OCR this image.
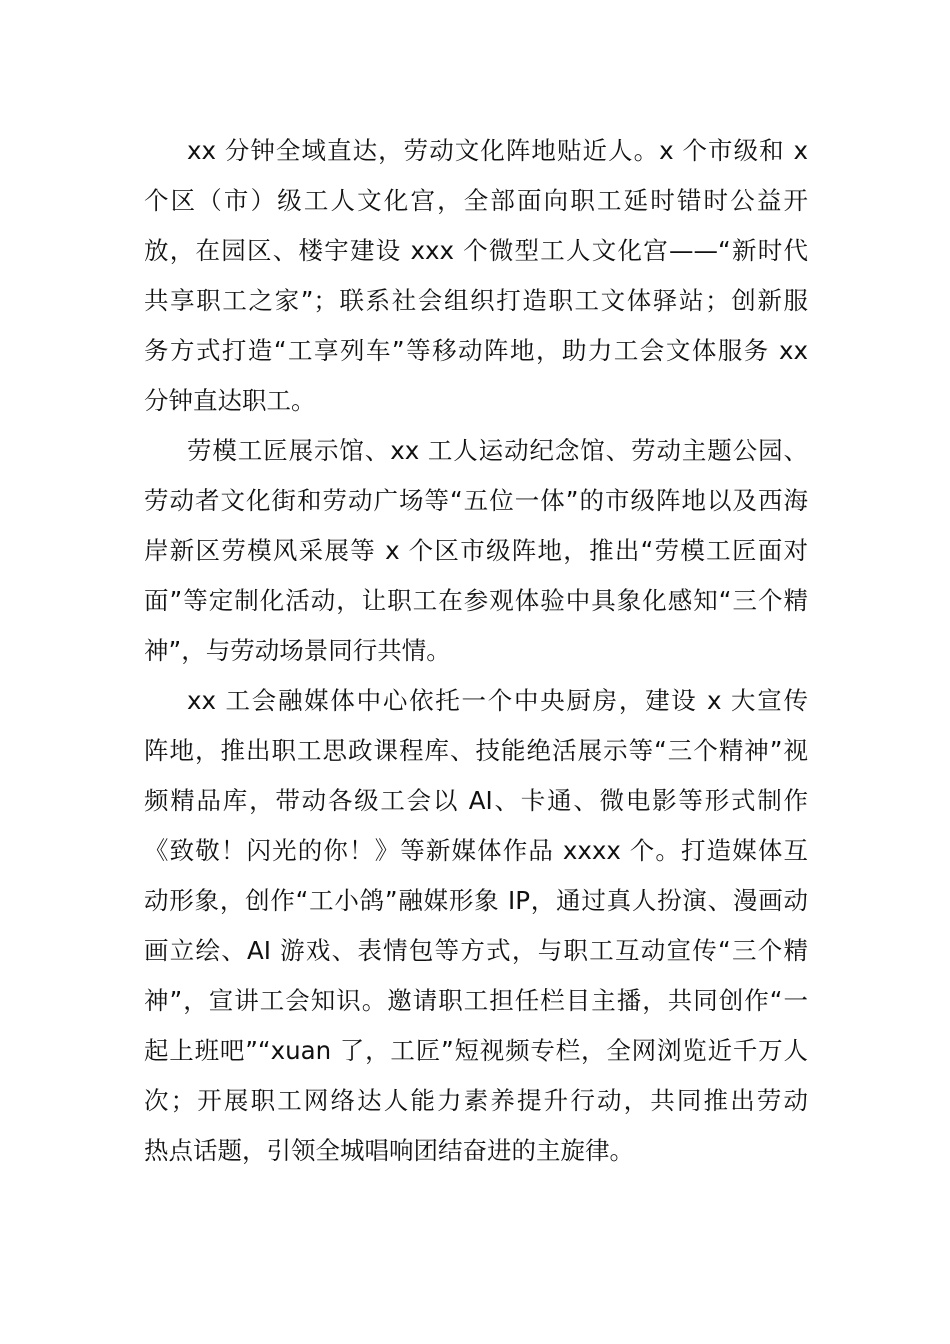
xx 分钟全域直达，劳动文化阵地贴近人。x 个市级和 x
个区（市）级工人文化宫，全部面向职工延时错时公益开
放，在园区、楼宇建设 xxx 个微型工人文化宫——“新时代
共享职工之家”；联系社会组织打造职工文体驿站；创新服
务方式打造“工享列车”等移动阵地，助力工会文体服务 xx
分钟直达职工。
劳模工匠展示馆、xx 工人运动纪念馆、劳动主题公园、
劳动者文化街和劳动广场等“五位一体”的市级阵地以及西海
岸新区劳模风采展等 x 个区市级阵地，推出“劳模工匠面对
面”等定制化活动，让职工在参观体验中具象化感知“三个精
神”，与劳动场景同行共情。
xx 工会融媒体中心依托一个中央厨房，建设 x 大宣传
阵地，推出职工思政课程库、技能绝活展示等“三个精神”视
频精品库，带动各级工会以 AI、卡通、微电影等形式制作
《致敬！闪光的你！》等新媒体作品 xxxx 个。打造媒体互
动形象，创作“工小鸽”融媒形象 IP，通过真人扮演、漫画动
画立绘、AI 游戏、表情包等方式，与职工互动宣传“三个精
神”，宣讲工会知识。邀请职工担任栏目主播，共同创作“一
起上班吧”“xuan 了，工匠”短视频专栏，全网浏览近千万人
次；开展职工网络达人能力素养提升行动，共同推出劳动
热点话题，引领全城唱响团结奋进的主旋律。
